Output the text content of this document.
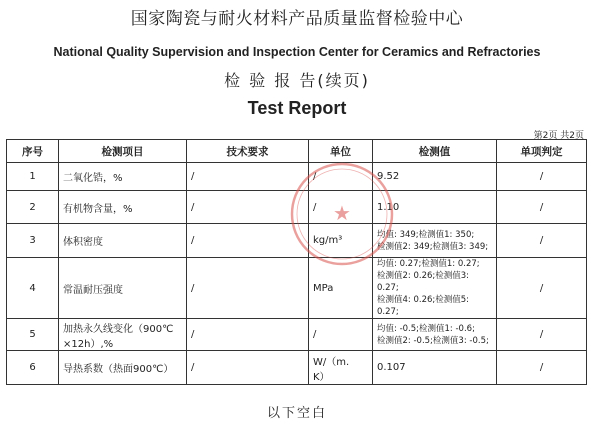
国家陶瓷与耐火材料产品质量监督检验中心
National Quality Supervision and Inspection Center for Ceramics and Refractories
检 验 报 告(续页)
Test Report
第2页 共2页
序号	检测项目	技术要求	单位	检测值	单项判定
1	二氧化锆，%	/	/	9.52	/
2	有机物含量，%	/	/	1.10	/
3	体积密度	/	kg/m³	均值: 349;检测值1: 350;
检测值2: 349;检测值3: 349;	/
4	常温耐压强度	/	MPa	均值: 0.27;检测值1: 0.27;
检测值2: 0.26;检测值3: 0.27;
检测值4: 0.26;检测值5: 0.27;	/
5	加热永久线变化（900℃
×12h）,%	/	/	均值: -0.5;检测值1: -0.6;
检测值2: -0.5;检测值3: -0.5;	/
6	导热系数（热面900℃）	/	W/（m.
K）	0.107	/
★
以下空白
